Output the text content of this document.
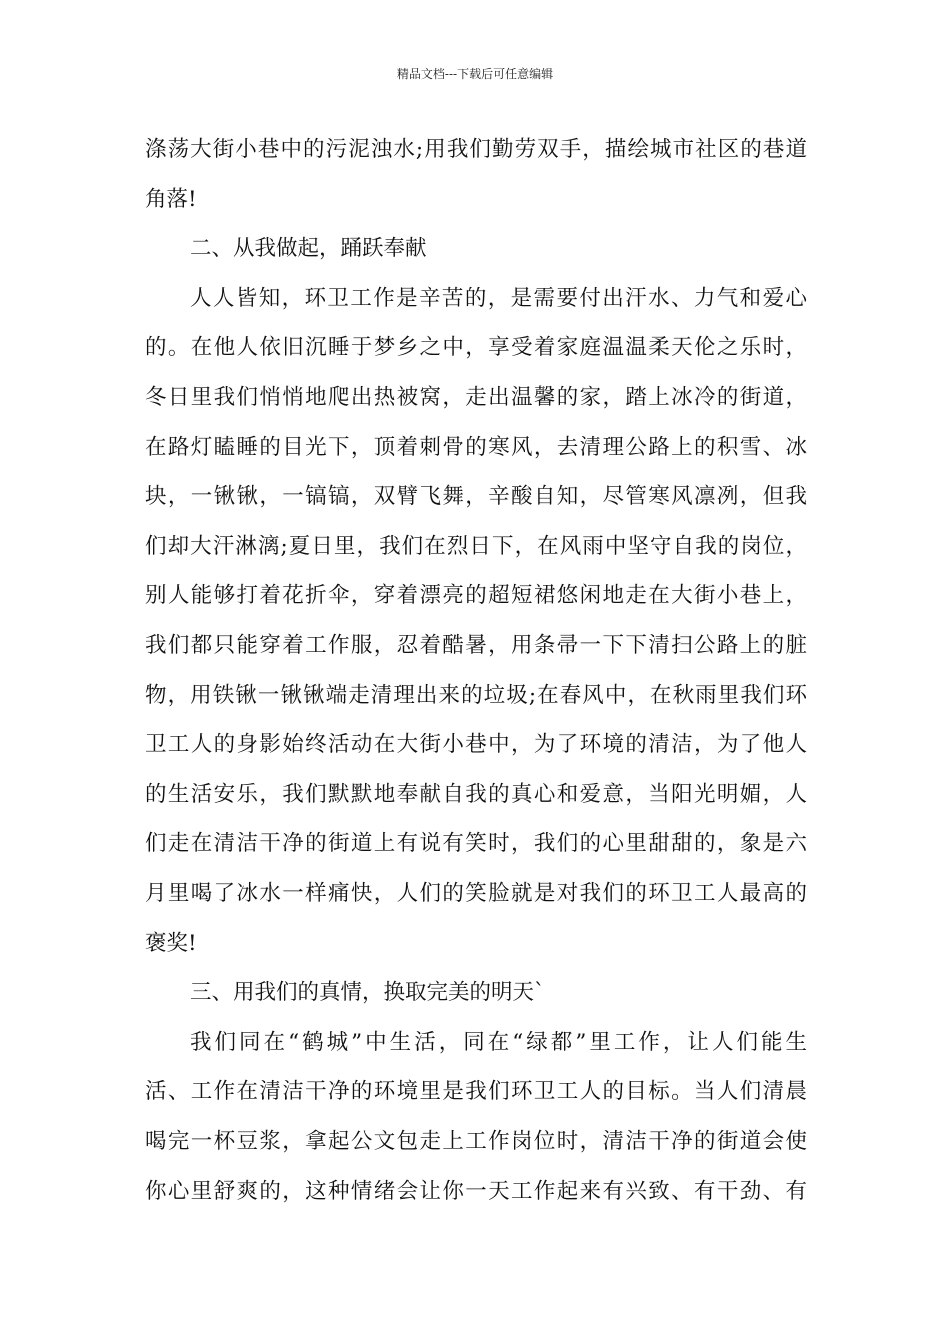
精品文档---下载后可任意编辑
涤荡大街小巷中的污泥浊水;用我们勤劳双手，描绘城市社区的巷道
角落!
二、从我做起，踊跃奉献
人人皆知，环卫工作是辛苦的，是需要付出汗水、力气和爱心
的。在他人依旧沉睡于梦乡之中，享受着家庭温温柔天伦之乐时，
冬日里我们悄悄地爬出热被窝，走出温馨的家，踏上冰冷的街道，
在路灯瞌睡的目光下，顶着刺骨的寒风，去清理公路上的积雪、冰
块，一锹锹，一镐镐，双臂飞舞，辛酸自知，尽管寒风凛冽，但我
们却大汗淋漓;夏日里，我们在烈日下，在风雨中坚守自我的岗位，
别人能够打着花折伞，穿着漂亮的超短裙悠闲地走在大街小巷上，
我们都只能穿着工作服，忍着酷暑，用条帚一下下清扫公路上的脏
物，用铁锹一锹锹端走清理出来的垃圾;在春风中，在秋雨里我们环
卫工人的身影始终活动在大街小巷中，为了环境的清洁，为了他人
的生活安乐，我们默默地奉献自我的真心和爱意，当阳光明媚，人
们走在清洁干净的街道上有说有笑时，我们的心里甜甜的，象是六
月里喝了冰水一样痛快，人们的笑脸就是对我们的环卫工人最高的
褒奖!
三、用我们的真情，换取完美的明天`
我们同在“鹤城”中生活，同在“绿都”里工作，让人们能生
活、工作在清洁干净的环境里是我们环卫工人的目标。当人们清晨
喝完一杯豆浆，拿起公文包走上工作岗位时，清洁干净的街道会使
你心里舒爽的，这种情绪会让你一天工作起来有兴致、有干劲、有
